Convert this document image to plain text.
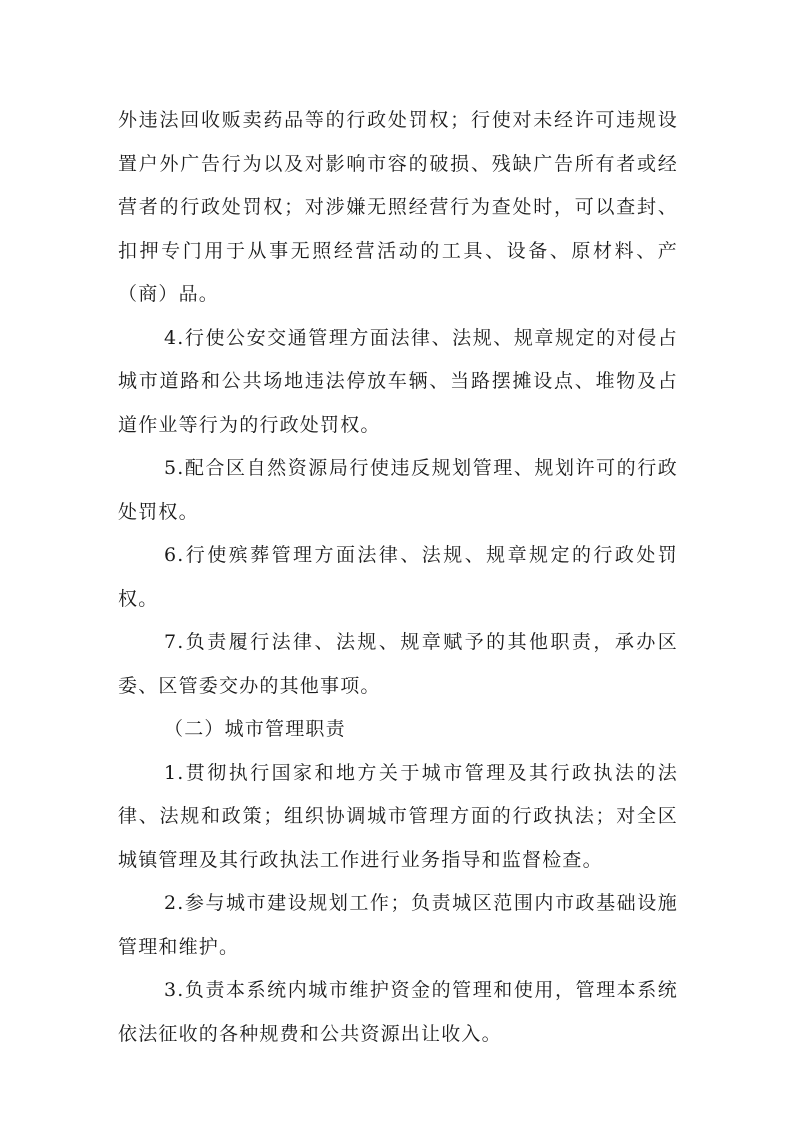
外违法回收贩卖药品等的行政处罚权；行使对未经许可违规设置户外广告行为以及对影响市容的破损、残缺广告所有者或经营者的行政处罚权；对涉嫌无照经营行为查处时，可以查封、扣押专门用于从事无照经营活动的工具、设备、原材料、产（商）品。

4.行使公安交通管理方面法律、法规、规章规定的对侵占城市道路和公共场地违法停放车辆、当路摆摊设点、堆物及占道作业等行为的行政处罚权。

5.配合区自然资源局行使违反规划管理、规划许可的行政处罚权。

6.行使殡葬管理方面法律、法规、规章规定的行政处罚权。

7.负责履行法律、法规、规章赋予的其他职责，承办区委、区管委交办的其他事项。

（二）城市管理职责

1.贯彻执行国家和地方关于城市管理及其行政执法的法律、法规和政策；组织协调城市管理方面的行政执法；对全区城镇管理及其行政执法工作进行业务指导和监督检查。

2.参与城市建设规划工作；负责城区范围内市政基础设施管理和维护。

3.负责本系统内城市维护资金的管理和使用，管理本系统依法征收的各种规费和公共资源出让收入。
